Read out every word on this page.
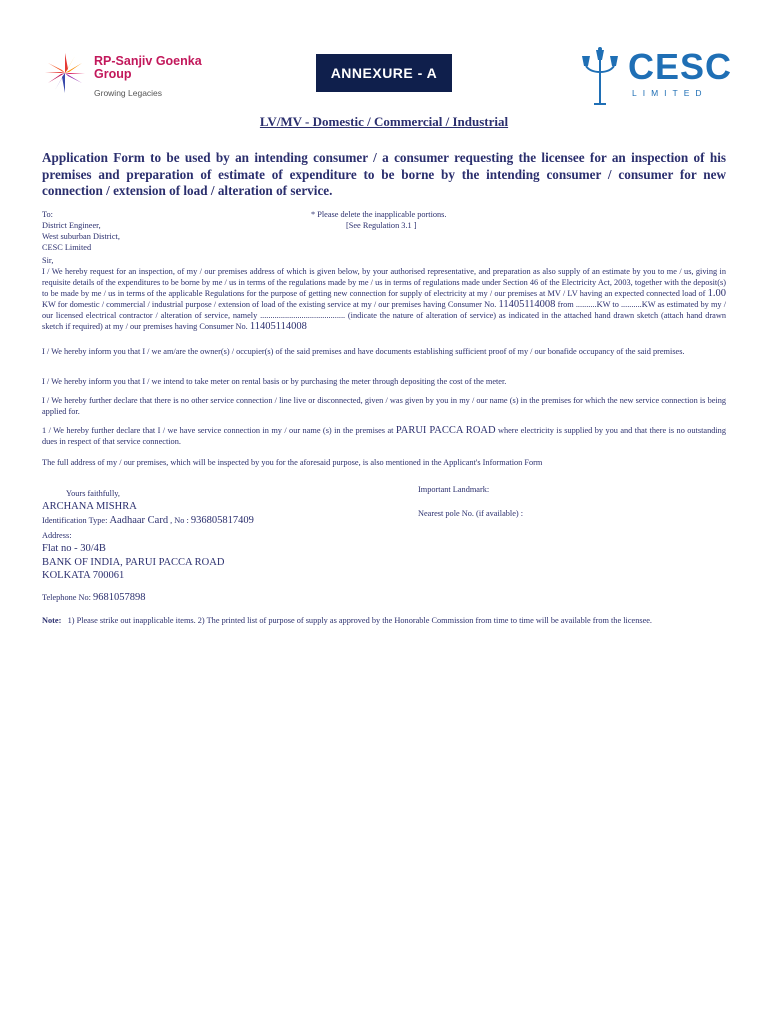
RP-Sanjiv Goenka
Group
Growing Legacies
ANNEXURE - A	CESC
LIMITED
LV/MV - Domestic / Commercial / Industrial
Application Form to be used by an intending consumer / a consumer requesting the licensee for an inspection of his premises and preparation of estimate of expenditure to be borne by the intending consumer / consumer for new connection / extension of load / alteration of service.
To:
District Engineer,
West suburban District,
CESC Limited
* Please delete the inapplicable portions.
[See Regulation 3.1 ]
Sir,
I / We hereby request for an inspection, of my / our premises address of which is given below, by your authorised representative, and preparation as also supply of an estimate by you to me / us, giving in requisite details of the expenditures to be borne by me / us in terms of the regulations made by me / us in terms of regulations made under Section 46 of the Electricity Act, 2003, together with the deposit(s) to be made by me / us in terms of the applicable Regulations for the purpose of getting new connection for supply of electricity at my / our premises at MV / LV having an expected connected load of 1.00 KW for domestic / commercial / industrial purpose / extension of load of the existing service at my / our premises having Consumer No. 11405114008 from ..........KW to ..........KW as estimated by my / our licensed electrical contractor / alteration of service, namely ......................................... (indicate the nature of alteration of service) as indicated in the attached hand drawn sketch (attach hand drawn sketch if required) at my / our premises having Consumer No. 11405114008
I / We hereby inform you that I / we am/are the owner(s) / occupier(s) of the said premises and have documents establishing sufficient proof of my / our bonafide occupancy of the said premises.
I / We hereby inform you that I / we intend to take meter on rental basis or by purchasing the meter through depositing the cost of the meter.
I / We hereby further declare that there is no other service connection / line live or disconnected, given / was given by you in my / our name (s) in the premises for which the new service connection is being applied for.
1 / We hereby further declare that I / we have service connection in my / our name (s) in the premises at PARUI PACCA ROAD where electricity is supplied by you and that there is no outstanding dues in respect of that service connection.
The full address of my / our premises, which will be inspected by you for the aforesaid purpose, is also mentioned in the Applicant's Information Form
Yours faithfully,
ARCHANA MISHRA
Identification Type: Aadhaar Card , No : 936805817409
Address:
Flat no - 30/4B
BANK OF INDIA, PARUI PACCA ROAD
KOLKATA 700061
Important Landmark:
Nearest pole No. (if available) :
Telephone No: 9681057898
Note: 1) Please strike out inapplicable items. 2) The printed list of purpose of supply as approved by the Honorable Commission from time to time will be available from the licensee.
